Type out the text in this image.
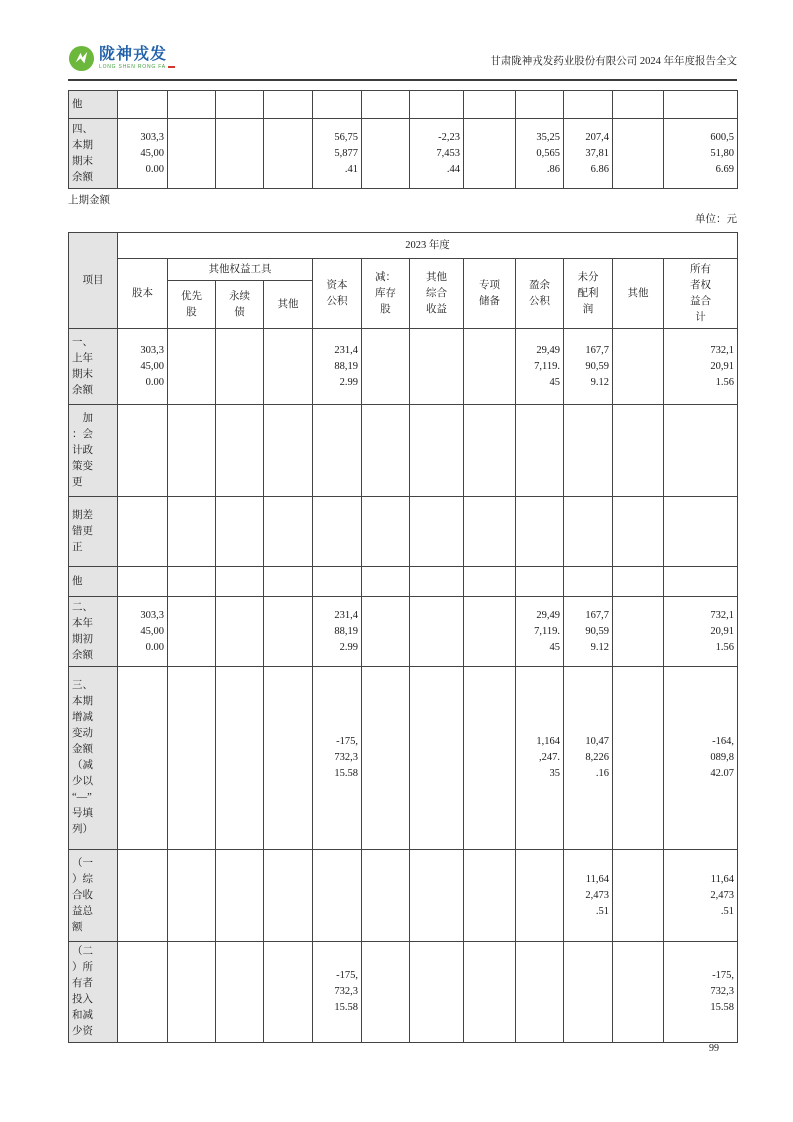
陇神戎发
LONG SHEN RONG FA	甘肃陇神戎发药业股份有限公司 2024 年年度报告全文
他												

四、本期期末余额	303,345,000.00				56,755,877.41		-2,237,453.44		35,250,565.86	207,437,816.86		600,551,806.69
上期金额
单位：元
项目	2023 年度											

	股本	其他权益工具			资本公积	减：库存股	其他综合收益	专项储备	盈余公积	未分配利润	其他	所有者权益合计

		优先股	永续债	其他								

一、上年期末余额	303,345,000.00				231,488,192.99				29,497,119.45	167,790,599.12		732,120,911.56

　加：会计政策变更												

期差错更正												

他												

二、本年期初余额	303,345,000.00				231,488,192.99				29,497,119.45	167,790,599.12		732,120,911.56

三、本期增减变动金额（减少以“—”号填列）					-175,732,315.58				1,164,247.35	10,478,226.16		-164,089,842.07

（一）综合收益总额										11,642,473.51		11,642,473.51

（二）所有者投入和减少资					-175,732,315.58							-175,732,315.58
99
